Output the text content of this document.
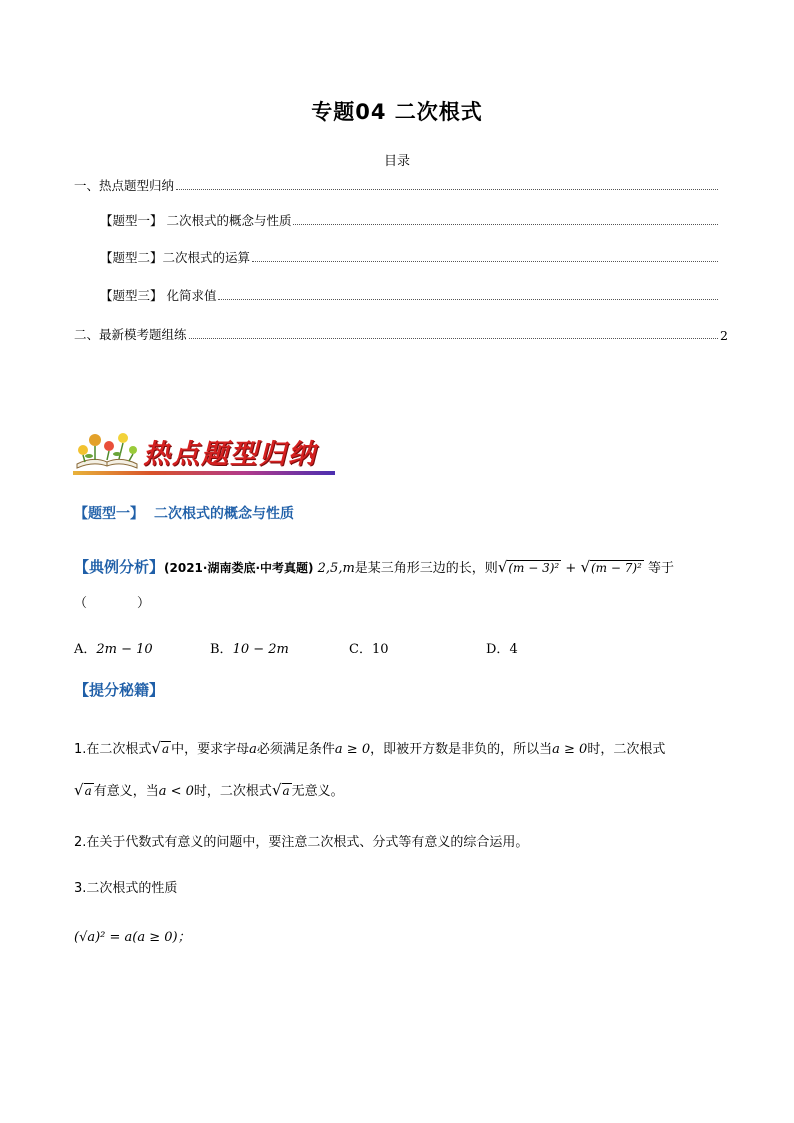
专题04 二次根式
目录
一、热点题型归纳
【题型一】 二次根式的概念与性质
【题型二】二次根式的运算
【题型三】 化简求值
二、最新模考题组练	2
热点题型归纳
【题型一】 二次根式的概念与性质
【典例分析】(2021·湖南娄底·中考真题) 2,5,m是某三角形三边的长，则√(m − 3)² + √(m − 7)² 等于
（	）
A．2m − 10	B．10 − 2m	C．10	D．4
【提分秘籍】
1.在二次根式√a 中，要求字母a必须满足条件a ≥ 0，即被开方数是非负的，所以当a ≥ 0时，二次根式
√a 有意义，当a < 0时，二次根式√a 无意义。
2.在关于代数式有意义的问题中，要注意二次根式、分式等有意义的综合运用。
3.二次根式的性质
(√a)² = a(a ≥ 0)；
